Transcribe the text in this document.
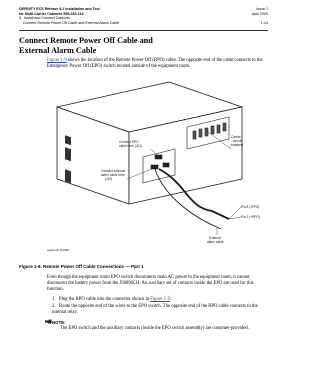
DEFINITY ECS Release 8.2 Installation and Test
for Multi-Carrier Cabinets 555-233-114
1 Install and Connect Cabinets
Connect Remote Power Off Cable and External Alarm Cable
Issue 1
April 2000

1-24
Connect Remote Power Off Cable and
External Alarm Cable
Figure 1-9 shows the location of the Remote Power Off (RPO) cable. The opposite end of the cable connects to the Emergency Power Off (EPO) switch located outside of the equipment room.
Carrier
circuit
breakers
Connect RPO
cable here (J21)
Connect external
alarm cable here
(J19)
Pin 8 (-RPO)
Pin 2 (+RPO)
External
alarm cable
pedpcf.cdr 061698
Figure 1-9. Remote Power Off Cable Connections — Part 1
Even though the equipment room EPO switch disconnects main AC power to the equipment room, it cannot disconnect the battery power from the J58890CH. An auxiliary set of contacts inside the EPO are used for this function.
1. Plug the RPO cable into the connector shown in Figure 1-9.
2. Route the opposite end of the wires to the EPO switch. The opposite end of the RPO cable connects to the internal relay.
NOTE:
The EPO switch and the auxiliary contacts (inside the EPO switch assembly) are customer-provided.
